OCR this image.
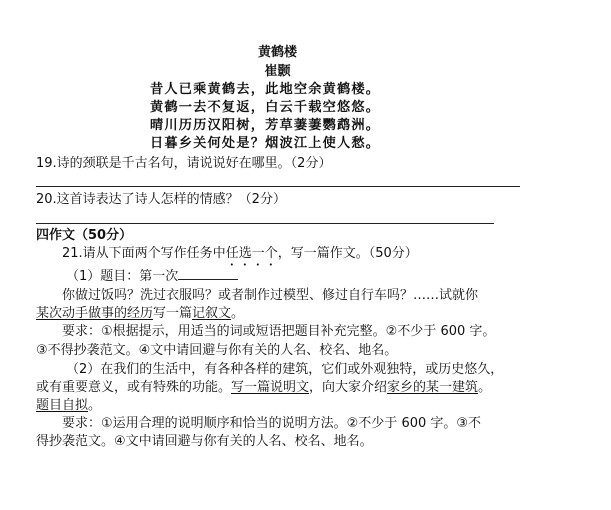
黄鹤楼
崔颢
昔人已乘黄鹤去，此地空余黄鹤楼。
黄鹤一去不复返，白云千载空悠悠。
晴川历历汉阳树，芳草萋萋鹦鹉洲。
日暮乡关何处是？烟波江上使人愁。
19.诗的颈联是千古名句，请说说好在哪里。（2分）
20.这首诗表达了诗人怎样的情感？（2分）
四作文（50分）
21.请从下面两个写作任务中任选一个，写一篇作文。（50分）
（1）题目：第一次
你做过饭吗？洗过衣服吗？或者制作过模型、修过自行车吗？……试就你
某次动手做事的经历写一篇记叙文。
要求：①根据提示，用适当的词或短语把题目补充完整。②不少于 600 字。
③不得抄袭范文。④文中请回避与你有关的人名、校名、地名。
（2）在我们的生活中，有各种各样的建筑，它们或外观独特，或历史悠久，
或有重要意义，或有特殊的功能。写一篇说明文，向大家介绍家乡的某一建筑。
题目自拟。
要求：①运用合理的说明顺序和恰当的说明方法。②不少于 600 字。③不
得抄袭范文。④文中请回避与你有关的人名、校名、地名。
